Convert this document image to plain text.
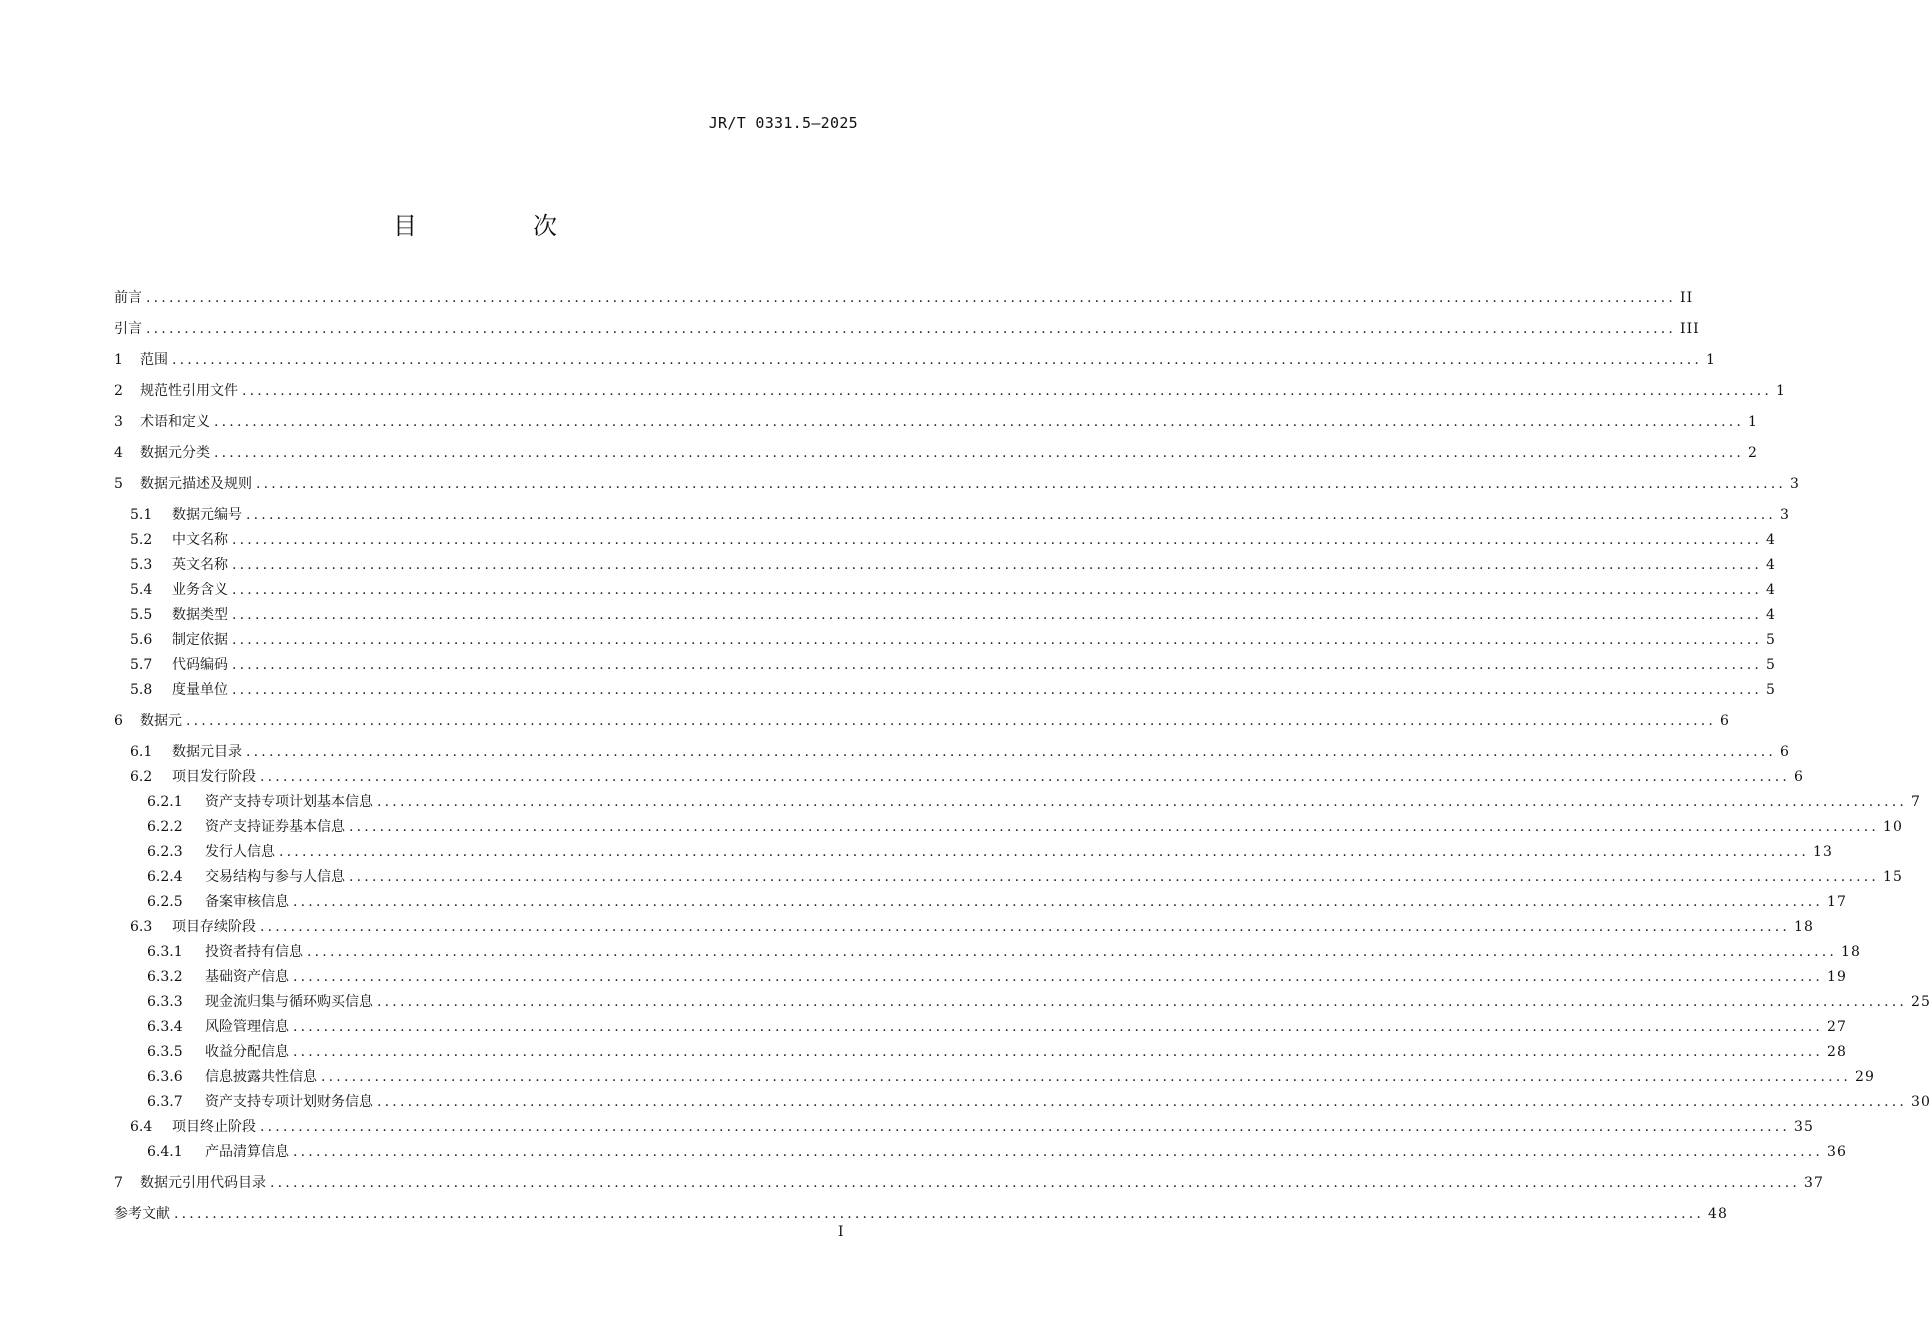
JR/T 0331.5—2025
目　次
前言 ........................................................................................................................................................................................................ II
引言 ........................................................................................................................................................................................................ III
1 范围 ........................................................................................................................................................................................................ 1
2 规范性引用文件 ........................................................................................................................................................................................................ 1
3 术语和定义 ........................................................................................................................................................................................................ 1
4 数据元分类 ........................................................................................................................................................................................................ 2
5 数据元描述及规则 ........................................................................................................................................................................................................ 3
5.1 数据元编号 ........................................................................................................................................................................................................ 3
5.2 中文名称 ........................................................................................................................................................................................................ 4
5.3 英文名称 ........................................................................................................................................................................................................ 4
5.4 业务含义 ........................................................................................................................................................................................................ 4
5.5 数据类型 ........................................................................................................................................................................................................ 4
5.6 制定依据 ........................................................................................................................................................................................................ 5
5.7 代码编码 ........................................................................................................................................................................................................ 5
5.8 度量单位 ........................................................................................................................................................................................................ 5
6 数据元 ........................................................................................................................................................................................................ 6
6.1 数据元目录 ........................................................................................................................................................................................................ 6
6.2 项目发行阶段 ........................................................................................................................................................................................................ 6
6.2.1 资产支持专项计划基本信息 ........................................................................................................................................................................................................ 7
6.2.2 资产支持证券基本信息 ........................................................................................................................................................................................................ 10
6.2.3 发行人信息 ........................................................................................................................................................................................................ 13
6.2.4 交易结构与参与人信息 ........................................................................................................................................................................................................ 15
6.2.5 备案审核信息 ........................................................................................................................................................................................................ 17
6.3 项目存续阶段 ........................................................................................................................................................................................................ 18
6.3.1 投资者持有信息 ........................................................................................................................................................................................................ 18
6.3.2 基础资产信息 ........................................................................................................................................................................................................ 19
6.3.3 现金流归集与循环购买信息 ........................................................................................................................................................................................................ 25
6.3.4 风险管理信息 ........................................................................................................................................................................................................ 27
6.3.5 收益分配信息 ........................................................................................................................................................................................................ 28
6.3.6 信息披露共性信息 ........................................................................................................................................................................................................ 29
6.3.7 资产支持专项计划财务信息 ........................................................................................................................................................................................................ 30
6.4 项目终止阶段 ........................................................................................................................................................................................................ 35
6.4.1 产品清算信息 ........................................................................................................................................................................................................ 36
7 数据元引用代码目录 ........................................................................................................................................................................................................ 37
参考文献 ........................................................................................................................................................................................................ 48
I
